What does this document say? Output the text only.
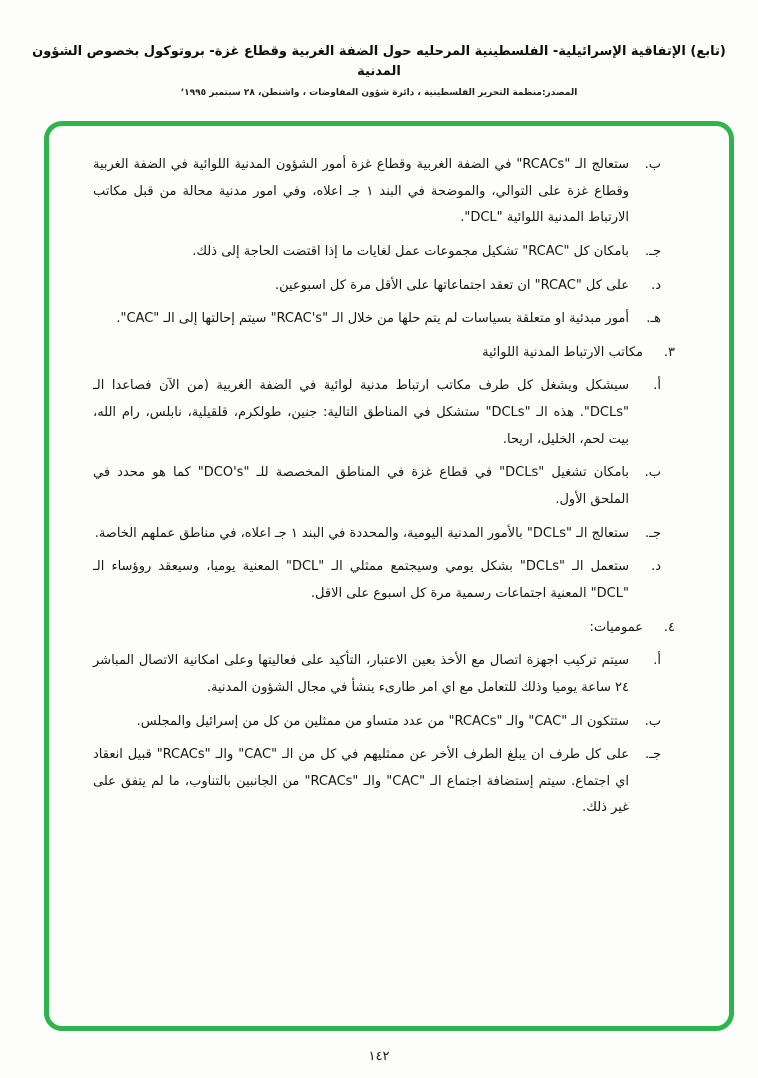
(تابع) الإتفاقية الإسرائيلية- الفلسطينية المرحليه حول الضفة الغربية وقطاع غزة- بروتوكول بخصوص الشؤون المدنية
المصدر:منظمة التحرير الفلسطينية ، دائرة شؤون المفاوضات ، واشنطن، ٢٨ سبتمبر ١٩٩٥’
ب.
ستعالج الـ "RCACs" في الضفة الغربية وقطاع غزة أمور الشؤون المدنية اللوائية في الضفة الغربية وقطاع غزة على التوالي، والموضحة في البند ١ جـ اعلاه، وفي امور مدنية محالة من قبل مكاتب الارتباط المدنية اللوائية "DCL".
جـ.
بامكان كل "RCAC" تشكيل مجموعات عمل لغايات ما إذا اقتضت الحاجة إلى ذلك.
د.
على كل "RCAC" ان تعقد اجتماعاتها على الأقل مرة كل اسبوعين.
هـ.
أمور مبدئية او متعلقة بسياسات لم يتم حلها من خلال الـ "RCAC's" سيتم إحالتها إلى الـ "CAC".
٣.
مكاتب الارتباط المدنية اللوائية
أ.
سيشكل ويشغل كل طرف مكاتب ارتباط مدنية لوائية في الضفة الغربية (من الآن فصاعدا الـ "DCLs". هذه الـ "DCLs" ستشكل في المناطق التالية: جنين، طولكرم، قلقيلية، نابلس، رام الله، بيت لحم، الخليل، اريحا.
ب.
بامكان تشغيل "DCLs" في قطاع غزة في المناطق المخصصة للـ "DCO's" كما هو محدد في الملحق الأول.
جـ.
ستعالج الـ "DCLs" بالأمور المدنية اليومية، والمحددة في البند ١ جـ اعلاه، في مناطق عملهم الخاصة.
د.
ستعمل الـ "DCLs" بشكل يومي وسيجتمع ممثلي الـ "DCL" المعنية يوميا، وسيعقد روؤساء الـ "DCL" المعنية اجتماعات رسمية مرة كل اسبوع على الاقل.
٤.
عموميات:
أ.
سيتم تركيب اجهزة اتصال مع الأخذ بعين الاعتبار، التأكيد على فعاليتها وعلى امكانية الاتصال المباشر ٢٤ ساعة يوميا وذلك للتعامل مع اي امر طارىء ينشأ في مجال الشؤون المدنية.
ب.
ستتكون الـ "CAC" والـ "RCACs" من عدد متساو من ممثلين من كل من إسرائيل والمجلس.
جـ.
على كل طرف ان يبلغ الطرف الأخر عن ممثليهم في كل من الـ "CAC" والـ "RCACs" قبيل انعقاد اي اجتماع. سيتم إستضافة اجتماع الـ "CAC" والـ "RCACs" من الجانبين بالتناوب، ما لم يتفق على غير ذلك.
١٤٢
